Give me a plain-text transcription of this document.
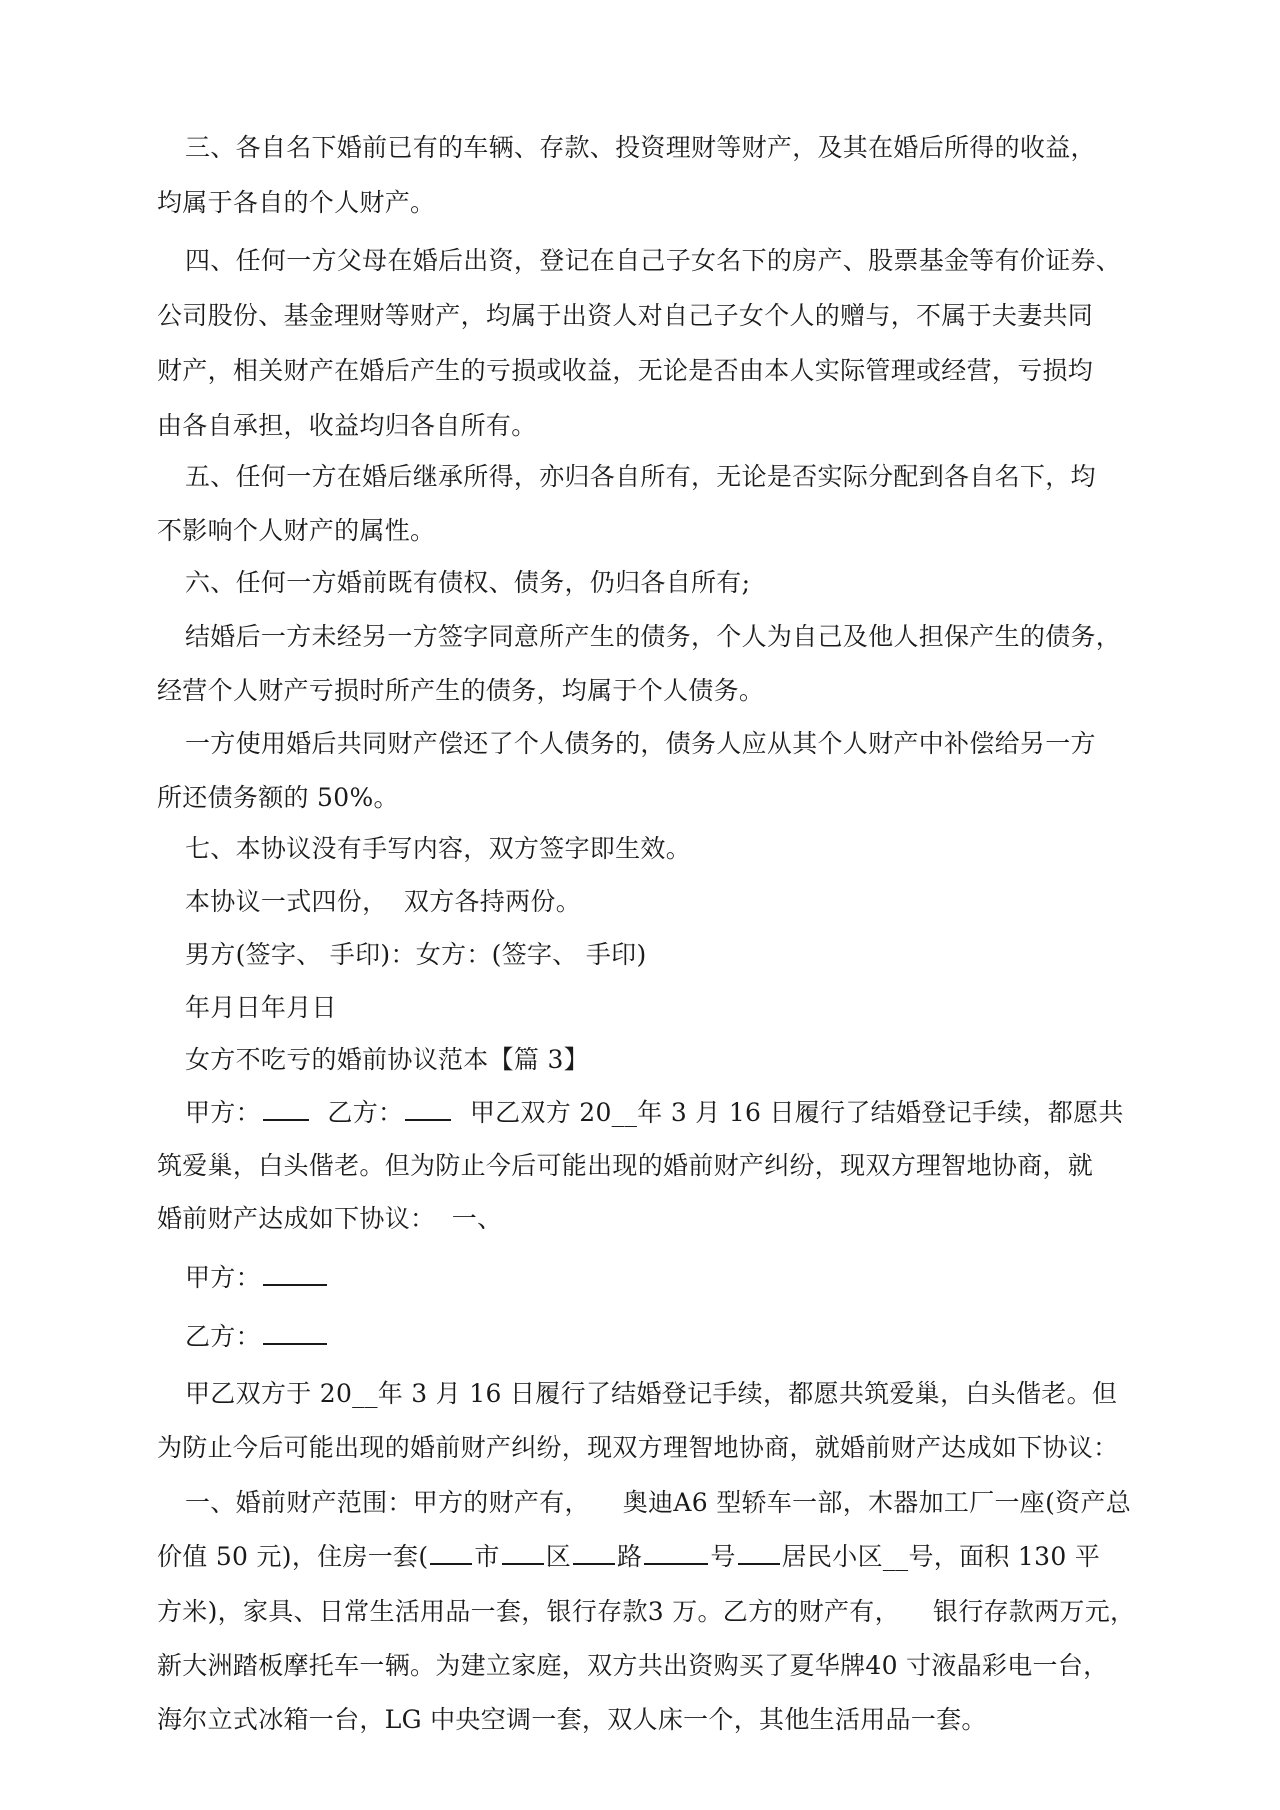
三、各自名下婚前已有的车辆、存款、投资理财等财产，及其在婚后所得的收益，
均属于各自的个人财产。
四、任何一方父母在婚后出资，登记在自己子女名下的房产、股票基金等有价证券、
公司股份、基金理财等财产，均属于出资人对自己子女个人的赠与，不属于夫妻共同
财产，相关财产在婚后产生的亏损或收益，无论是否由本人实际管理或经营，亏损均
由各自承担，收益均归各自所有。
五、任何一方在婚后继承所得，亦归各自所有，无论是否实际分配到各自名下，均
不影响个人财产的属性。
六、任何一方婚前既有债权、债务，仍归各自所有;
结婚后一方未经另一方签字同意所产生的债务，个人为自己及他人担保产生的债务，
经营个人财产亏损时所产生的债务，均属于个人债务。
一方使用婚后共同财产偿还了个人债务的，债务人应从其个人财产中补偿给另一方
所还债务额的 50%。
七、本协议没有手写内容，双方签字即生效。
本协议一式四份，  双方各持两份。
男方(签字、 手印)：女方：(签字、 手印)
年月日年月日
女方不吃亏的婚前协议范本【篇 3】
甲方：	乙方：	甲乙双方 20__年 3 月 16 日履行了结婚登记手续，都愿共
筑爱巢，白头偕老。但为防止今后可能出现的婚前财产纠纷，现双方理智地协商，就
婚前财产达成如下协议：  一、
甲方：
乙方：
甲乙双方于 20__年 3 月 16 日履行了结婚登记手续，都愿共筑爱巢，白头偕老。但
为防止今后可能出现的婚前财产纠纷，现双方理智地协商，就婚前财产达成如下协议：
一、婚前财产范围：甲方的财产有，    奥迪A6 型轿车一部，木器加工厂一座(资产总
价值 50 元)，住房一套( 市 区 路	号 居民小区__号，面积 130 平
方米)，家具、日常生活用品一套，银行存款3 万。乙方的财产有，    银行存款两万元，
新大洲踏板摩托车一辆。为建立家庭，双方共出资购买了夏华牌40 寸液晶彩电一台，
海尔立式冰箱一台，LG 中央空调一套，双人床一个，其他生活用品一套。
